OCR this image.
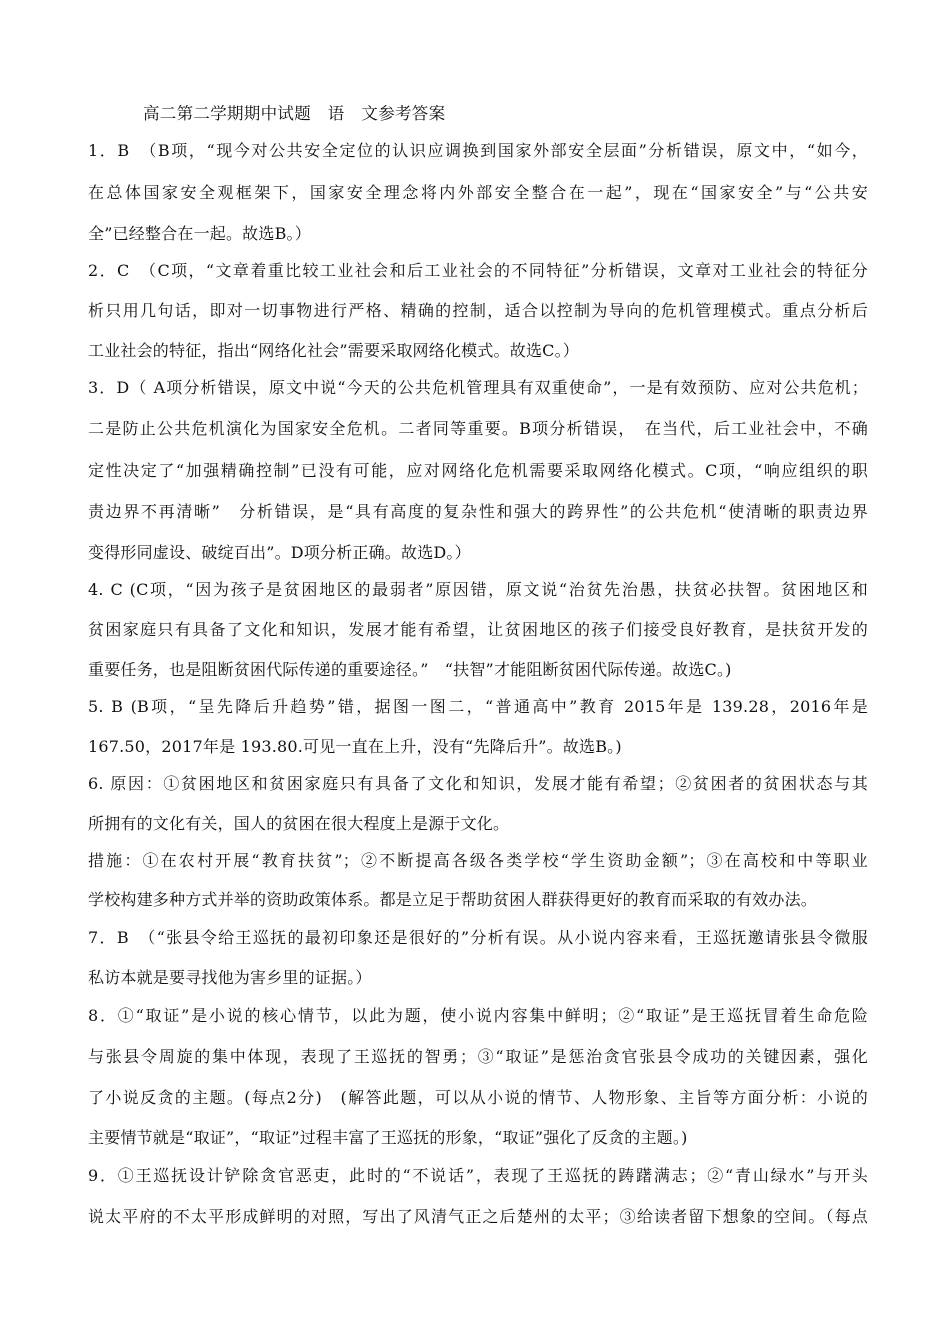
高二第二学期期中试题　语　文参考答案
1．B　（B项，“现今对公共安全定位的认识应调换到国家外部安全层面”分析错误，原文中，“如今，
在总体国家安全观框架下，国家安全理念将内外部安全整合在一起”，现在“国家安全”与“公共安
全”已经整合在一起。故选B。）
2．C　（C项，“文章着重比较工业社会和后工业社会的不同特征”分析错误，文章对工业社会的特征分
析只用几句话，即对一切事物进行严格、精确的控制，适合以控制为导向的危机管理模式。重点分析后
工业社会的特征，指出“网络化社会”需要采取网络化模式。故选C。）
3．D（ A项分析错误，原文中说“今天的公共危机管理具有双重使命”，一是有效预防、应对公共危机；
二是防止公共危机演化为国家安全危机。二者同等重要。B项分析错误，　在当代，后工业社会中，不确
定性决定了“加强精确控制”已没有可能，应对网络化危机需要采取网络化模式。C项，“响应组织的职
责边界不再清晰”　分析错误，是“具有高度的复杂性和强大的跨界性”的公共危机“使清晰的职责边界
变得形同虚设、破绽百出”。D项分析正确。故选D。）
4. C (C项，“因为孩子是贫困地区的最弱者”原因错，原文说“治贫先治愚，扶贫必扶智。贫困地区和
贫困家庭只有具备了文化和知识，发展才能有希望，让贫困地区的孩子们接受良好教育，是扶贫开发的
重要任务，也是阻断贫困代际传递的重要途径。”　“扶智”才能阻断贫困代际传递。故选C。)
5. B (B项，“呈先降后升趋势”错，据图一图二，“普通高中”教育 2015年是 139.28，2016年是
167.50，2017年是 193.80.可见一直在上升，没有“先降后升”。故选B。)
6. 原因：①贫困地区和贫困家庭只有具备了文化和知识，发展才能有希望；②贫困者的贫困状态与其
所拥有的文化有关，国人的贫困在很大程度上是源于文化。
措施：①在农村开展“教育扶贫”；②不断提高各级各类学校“学生资助金额”；③在高校和中等职业
学校构建多种方式并举的资助政策体系。都是立足于帮助贫困人群获得更好的教育而采取的有效办法。
7．B　（“张县令给王巡抚的最初印象还是很好的”分析有误。从小说内容来看，王巡抚邀请张县令微服
私访本就是要寻找他为害乡里的证据。）
8．①“取证”是小说的核心情节，以此为题，使小说内容集中鲜明；②“取证”是王巡抚冒着生命危险
与张县令周旋的集中体现，表现了王巡抚的智勇；③“取证”是惩治贪官张县令成功的关键因素，强化
了小说反贪的主题。(每点2分)　(解答此题，可以从小说的情节、人物形象、主旨等方面分析：小说的
主要情节就是“取证”，“取证”过程丰富了王巡抚的形象，“取证”强化了反贪的主题。)
9．①王巡抚设计铲除贪官恶吏，此时的“不说话”，表现了王巡抚的踌躇满志；②“青山绿水”与开头
说太平府的不太平形成鲜明的对照，写出了风清气正之后楚州的太平；③给读者留下想象的空间。（每点
